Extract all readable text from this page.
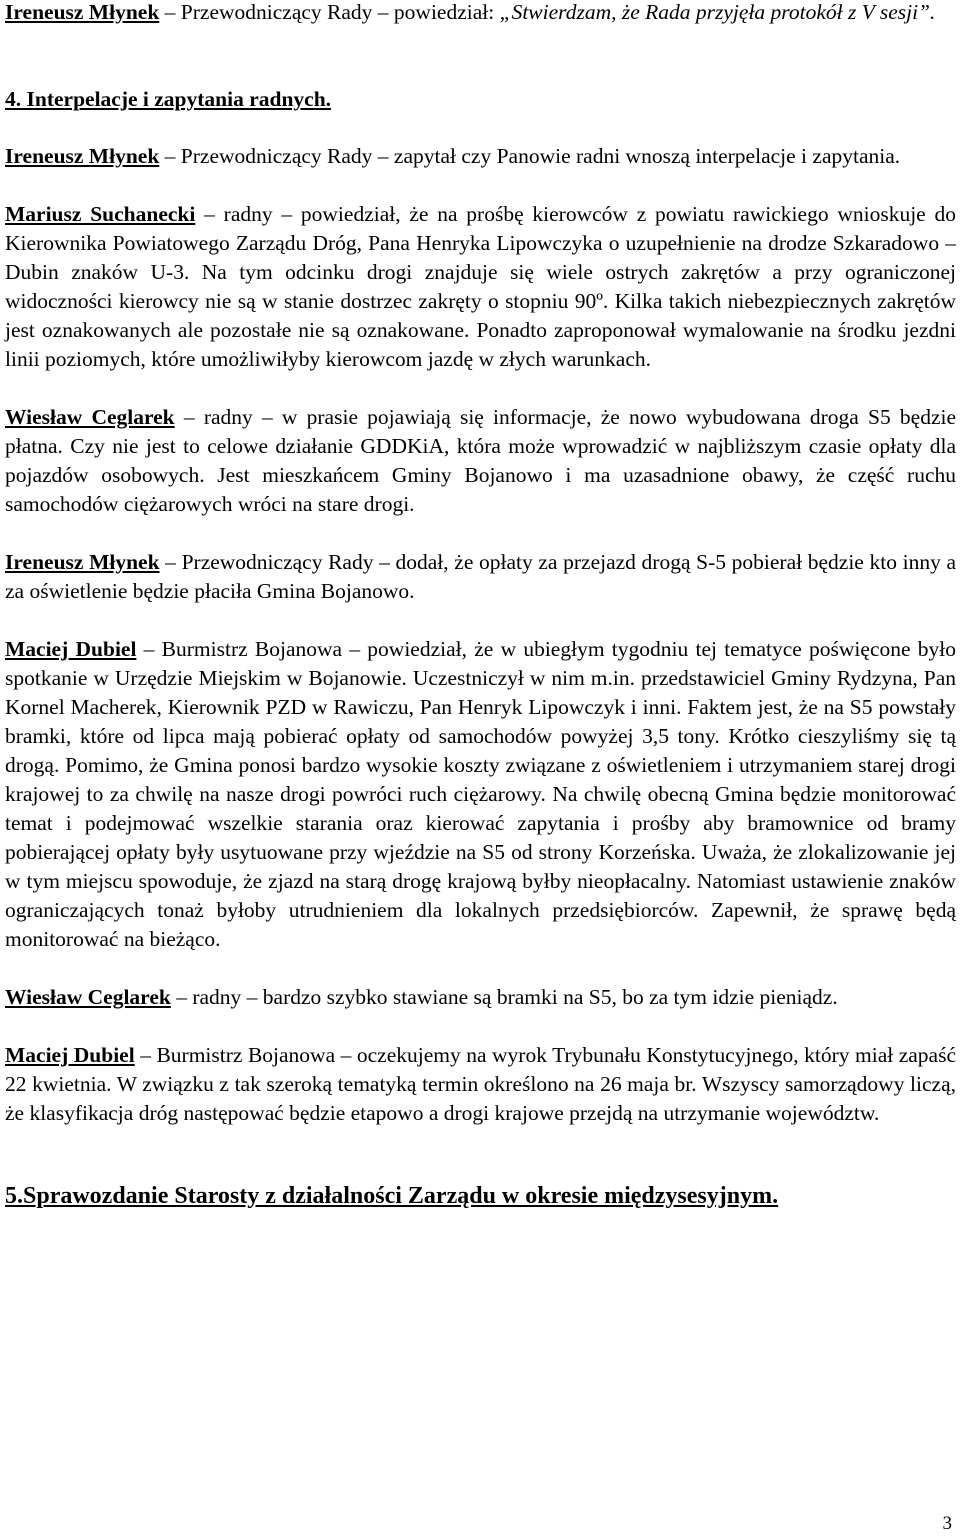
Ireneusz Młynek – Przewodniczący Rady – powiedział: „Stwierdzam, że Rada przyjęła protokół z V sesji”.

4. Interpelacje i zapytania radnych.

Ireneusz Młynek – Przewodniczący Rady – zapytał czy Panowie radni wnoszą interpelacje i zapytania.

Mariusz Suchanecki – radny – powiedział, że na prośbę kierowców z powiatu rawickiego wnioskuje do Kierownika Powiatowego Zarządu Dróg, Pana Henryka Lipowczyka o uzupełnienie na drodze Szkaradowo – Dubin znaków U-3. Na tym odcinku drogi znajduje się wiele ostrych zakrętów a przy ograniczonej widoczności kierowcy nie są w stanie dostrzec zakręty o stopniu 90º. Kilka takich niebezpiecznych zakrętów jest oznakowanych ale pozostałe nie są oznakowane. Ponadto zaproponował wymalowanie na środku jezdni linii poziomych, które umożliwiłyby kierowcom jazdę w złych warunkach.

Wiesław Ceglarek – radny – w prasie pojawiają się informacje, że nowo wybudowana droga S5 będzie płatna. Czy nie jest to celowe działanie GDDKiA, która może wprowadzić w najbliższym czasie opłaty dla pojazdów osobowych. Jest mieszkańcem Gminy Bojanowo i ma uzasadnione obawy, że część ruchu samochodów ciężarowych wróci na stare drogi.

Ireneusz Młynek – Przewodniczący Rady – dodał, że opłaty za przejazd drogą S-5 pobierał będzie kto inny a za oświetlenie będzie płaciła Gmina Bojanowo.

Maciej Dubiel – Burmistrz Bojanowa – powiedział, że w ubiegłym tygodniu tej tematyce poświęcone było spotkanie w Urzędzie Miejskim w Bojanowie. Uczestniczył w nim m.in. przedstawiciel Gminy Rydzyna, Pan Kornel Macherek, Kierownik PZD w Rawiczu, Pan Henryk Lipowczyk i inni. Faktem jest, że na S5 powstały bramki, które od lipca mają pobierać opłaty od samochodów powyżej 3,5 tony. Krótko cieszyliśmy się tą drogą. Pomimo, że Gmina ponosi bardzo wysokie koszty związane z oświetleniem i utrzymaniem starej drogi krajowej to za chwilę na nasze drogi powróci ruch ciężarowy. Na chwilę obecną Gmina będzie monitorować temat i podejmować wszelkie starania oraz kierować zapytania i prośby aby bramownice od bramy pobierającej opłaty były usytuowane przy wjeździe na S5 od strony Korzeńska. Uważa, że zlokalizowanie jej w tym miejscu spowoduje, że zjazd na starą drogę krajową byłby nieopłacalny. Natomiast ustawienie znaków ograniczających tonaż byłoby utrudnieniem dla lokalnych przedsiębiorców. Zapewnił, że sprawę będą monitorować na bieżąco.

Wiesław Ceglarek – radny – bardzo szybko stawiane są bramki na S5, bo za tym idzie pieniądz.

Maciej Dubiel – Burmistrz Bojanowa – oczekujemy na wyrok Trybunału Konstytucyjnego, który miał zapaść 22 kwietnia. W związku z tak szeroką tematyką termin określono na 26 maja br. Wszyscy samorządowy liczą, że klasyfikacja dróg następować będzie etapowo a drogi krajowe przejdą na utrzymanie województw.

5.Sprawozdanie Starosty z działalności Zarządu w okresie międzysesyjnym.

3
